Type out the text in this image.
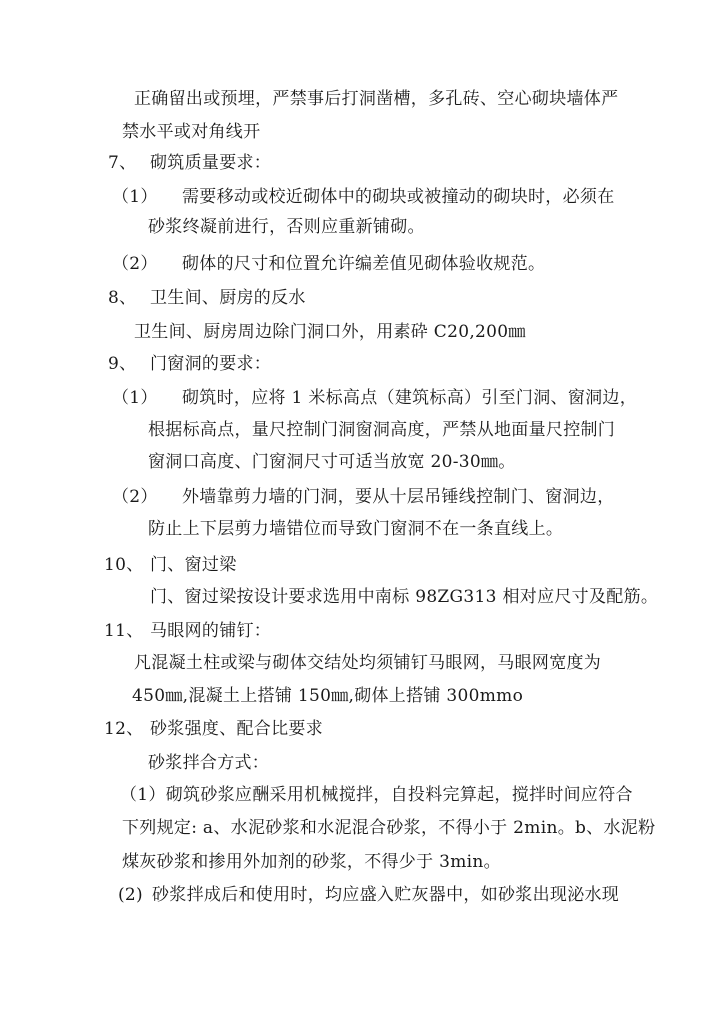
正确留出或预埋，严禁事后打洞凿槽，多孔砖、空心砌块墙体严
禁水平或对角线开
7、 砌筑质量要求：
（1） 需要移动或校近砌体中的砌块或被撞动的砌块时，必须在
砂浆终凝前进行，否则应重新铺砌。
（2） 砌体的尺寸和位置允许编差值见砌体验收规范。
8、 卫生间、厨房的反水
卫生间、厨房周边除门洞口外，用素砕 C20,200㎜
9、 门窗洞的要求：
（1） 砌筑时，应将 1 米标高点（建筑标高）引至门洞、窗洞边，
根据标高点，量尺控制门洞窗洞高度，严禁从地面量尺控制门
窗洞口高度、门窗洞尺寸可适当放宽 20-30㎜。
（2） 外墙靠剪力墙的门洞，要从十层吊锤线控制门、窗洞边，
防止上下层剪力墙错位而导致门窗洞不在一条直线上。
10、 门、窗过梁
门、窗过梁按设计要求选用中南标 98ZG313 相对应尺寸及配筋。
11、 马眼网的铺钉：
凡混凝土柱或梁与砌体交结处均须铺钉马眼网，马眼网宽度为
450㎜,混凝土上搭铺 150㎜,砌体上搭铺 300mmo
12、 砂浆强度、配合比要求
砂浆拌合方式：
（1）砌筑砂浆应酬采用机械搅拌，自投料完算起，搅拌时间应符合
下列规定: a、水泥砂浆和水泥混合砂浆，不得小于 2min。b、水泥粉
煤灰砂浆和掺用外加剂的砂浆，不得少于 3min。
(2) 砂浆拌成后和使用时，均应盛入贮灰器中，如砂浆出现泌水现
